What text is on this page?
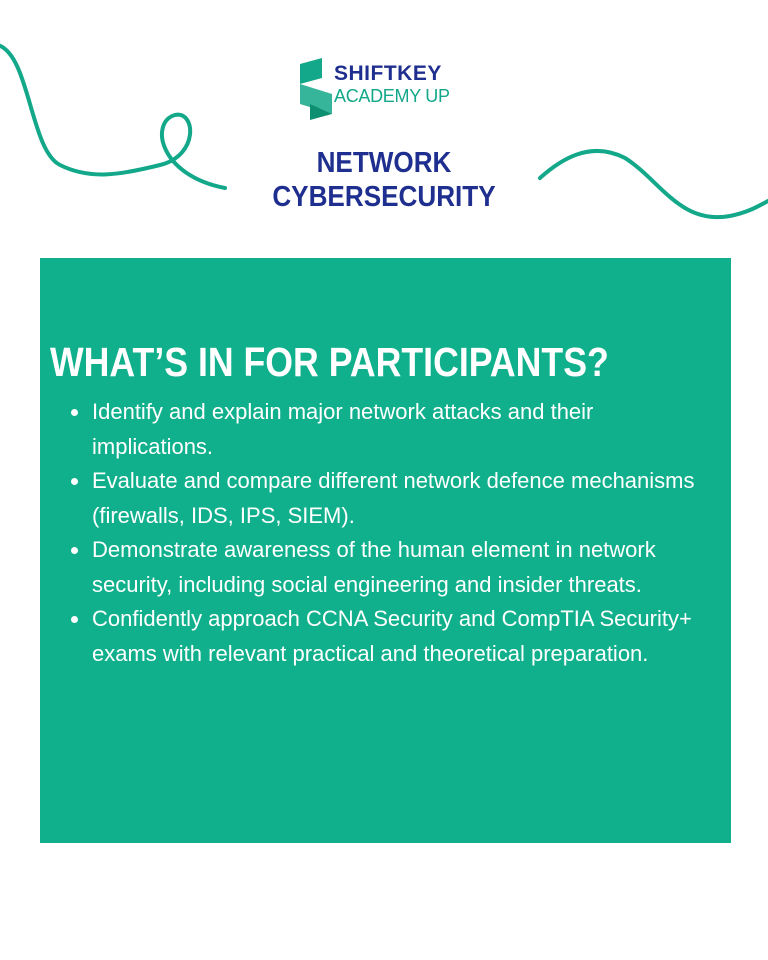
SHIFTKEY
ACADEMY UP
NETWORK
CYBERSECURITY
WHAT’S IN FOR PARTICIPANTS?
Identify and explain major network attacks and their implications.
Evaluate and compare different network defence mechanisms (firewalls, IDS, IPS, SIEM).
Demonstrate awareness of the human element in network security, including social engineering and insider threats.
Confidently approach CCNA Security and CompTIA Security+ exams with relevant practical and theoretical preparation.
